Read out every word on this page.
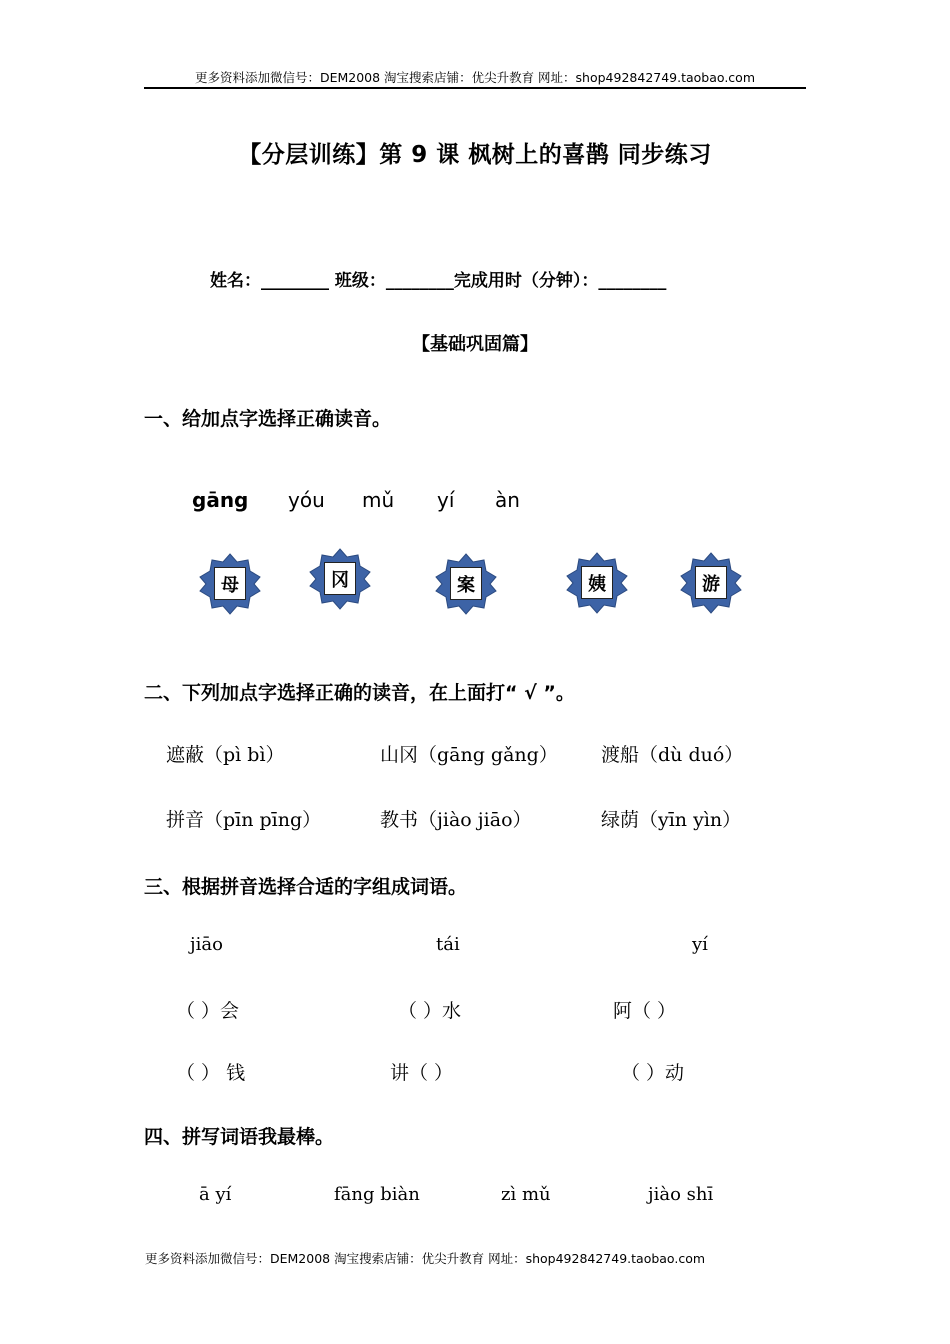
更多资料添加微信号：DEM2008 淘宝搜索店铺：优尖升教育 网址：shop492842749.taobao.com
【分层训练】第 9 课 枫树上的喜鹊 同步练习
姓名：________ 班级：________完成用时（分钟）：________
【基础巩固篇】
一、给加点字选择正确读音。
gāng yóu mǔ yí àn
母	冈	案	姨	游
二、下列加点字选择正确的读音，在上面打“ √ ”。
遮蔽（pì bì）	山冈（gāng gǎng） 渡船（dù duó）
拼音（pīn pīng）	教书（jiào jiāo）	绿荫（yīn yìn）
三、根据拼音选择合适的字组成词语。
jiāo	tái	yí
（ ）会	（ ）水	阿（ ）
（ ） 钱	讲（ ）	（ ）动
四、拼写词语我最棒。
ā yí	fāng biàn	zì mǔ	jiào shī
更多资料添加微信号：DEM2008 淘宝搜索店铺：优尖升教育 网址：shop492842749.taobao.com
